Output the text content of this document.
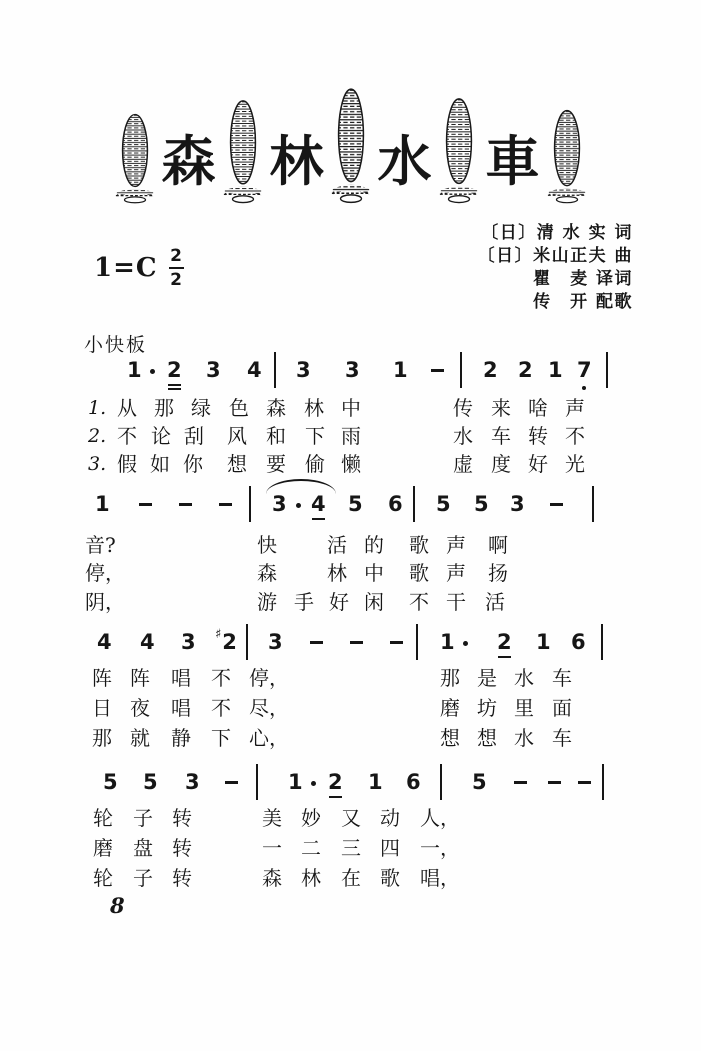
森 林 水 車
〔日〕清 水 实 词
〔日〕米山正夫 曲
瞿　麦 译词
传　开 配歌
$1=C \frac{2}{2}$
小快板
1 2 3 4 3 3 1	2 2 1 7
1	3 4 5 6 5 5 3
4 4 3 ♯ 2 3	1 2 1 6
5 5 3	1 2 1 6 5
1. 从 那 绿 色 森 林 中	传 来 啥 声
2. 不 论 刮 风 和 下 雨	水 车 转 不
3. 假 如 你 想 要 偷 懒	虚 度 好 光
音?	快	活 的 歌 声 啊
停，	森	林 中 歌 声 扬
阴，	游 手 好 闲 不 干 活
阵 阵 唱 不 停，	那 是 水 车
日 夜 唱 不 尽，	磨 坊 里 面
那 就 静 下 心，	想 想 水 车
轮 子 转	美 妙 又 动 人，
磨 盘 转	一 二 三 四 一，
轮 子 转	森 林 在 歌 唱，
8
